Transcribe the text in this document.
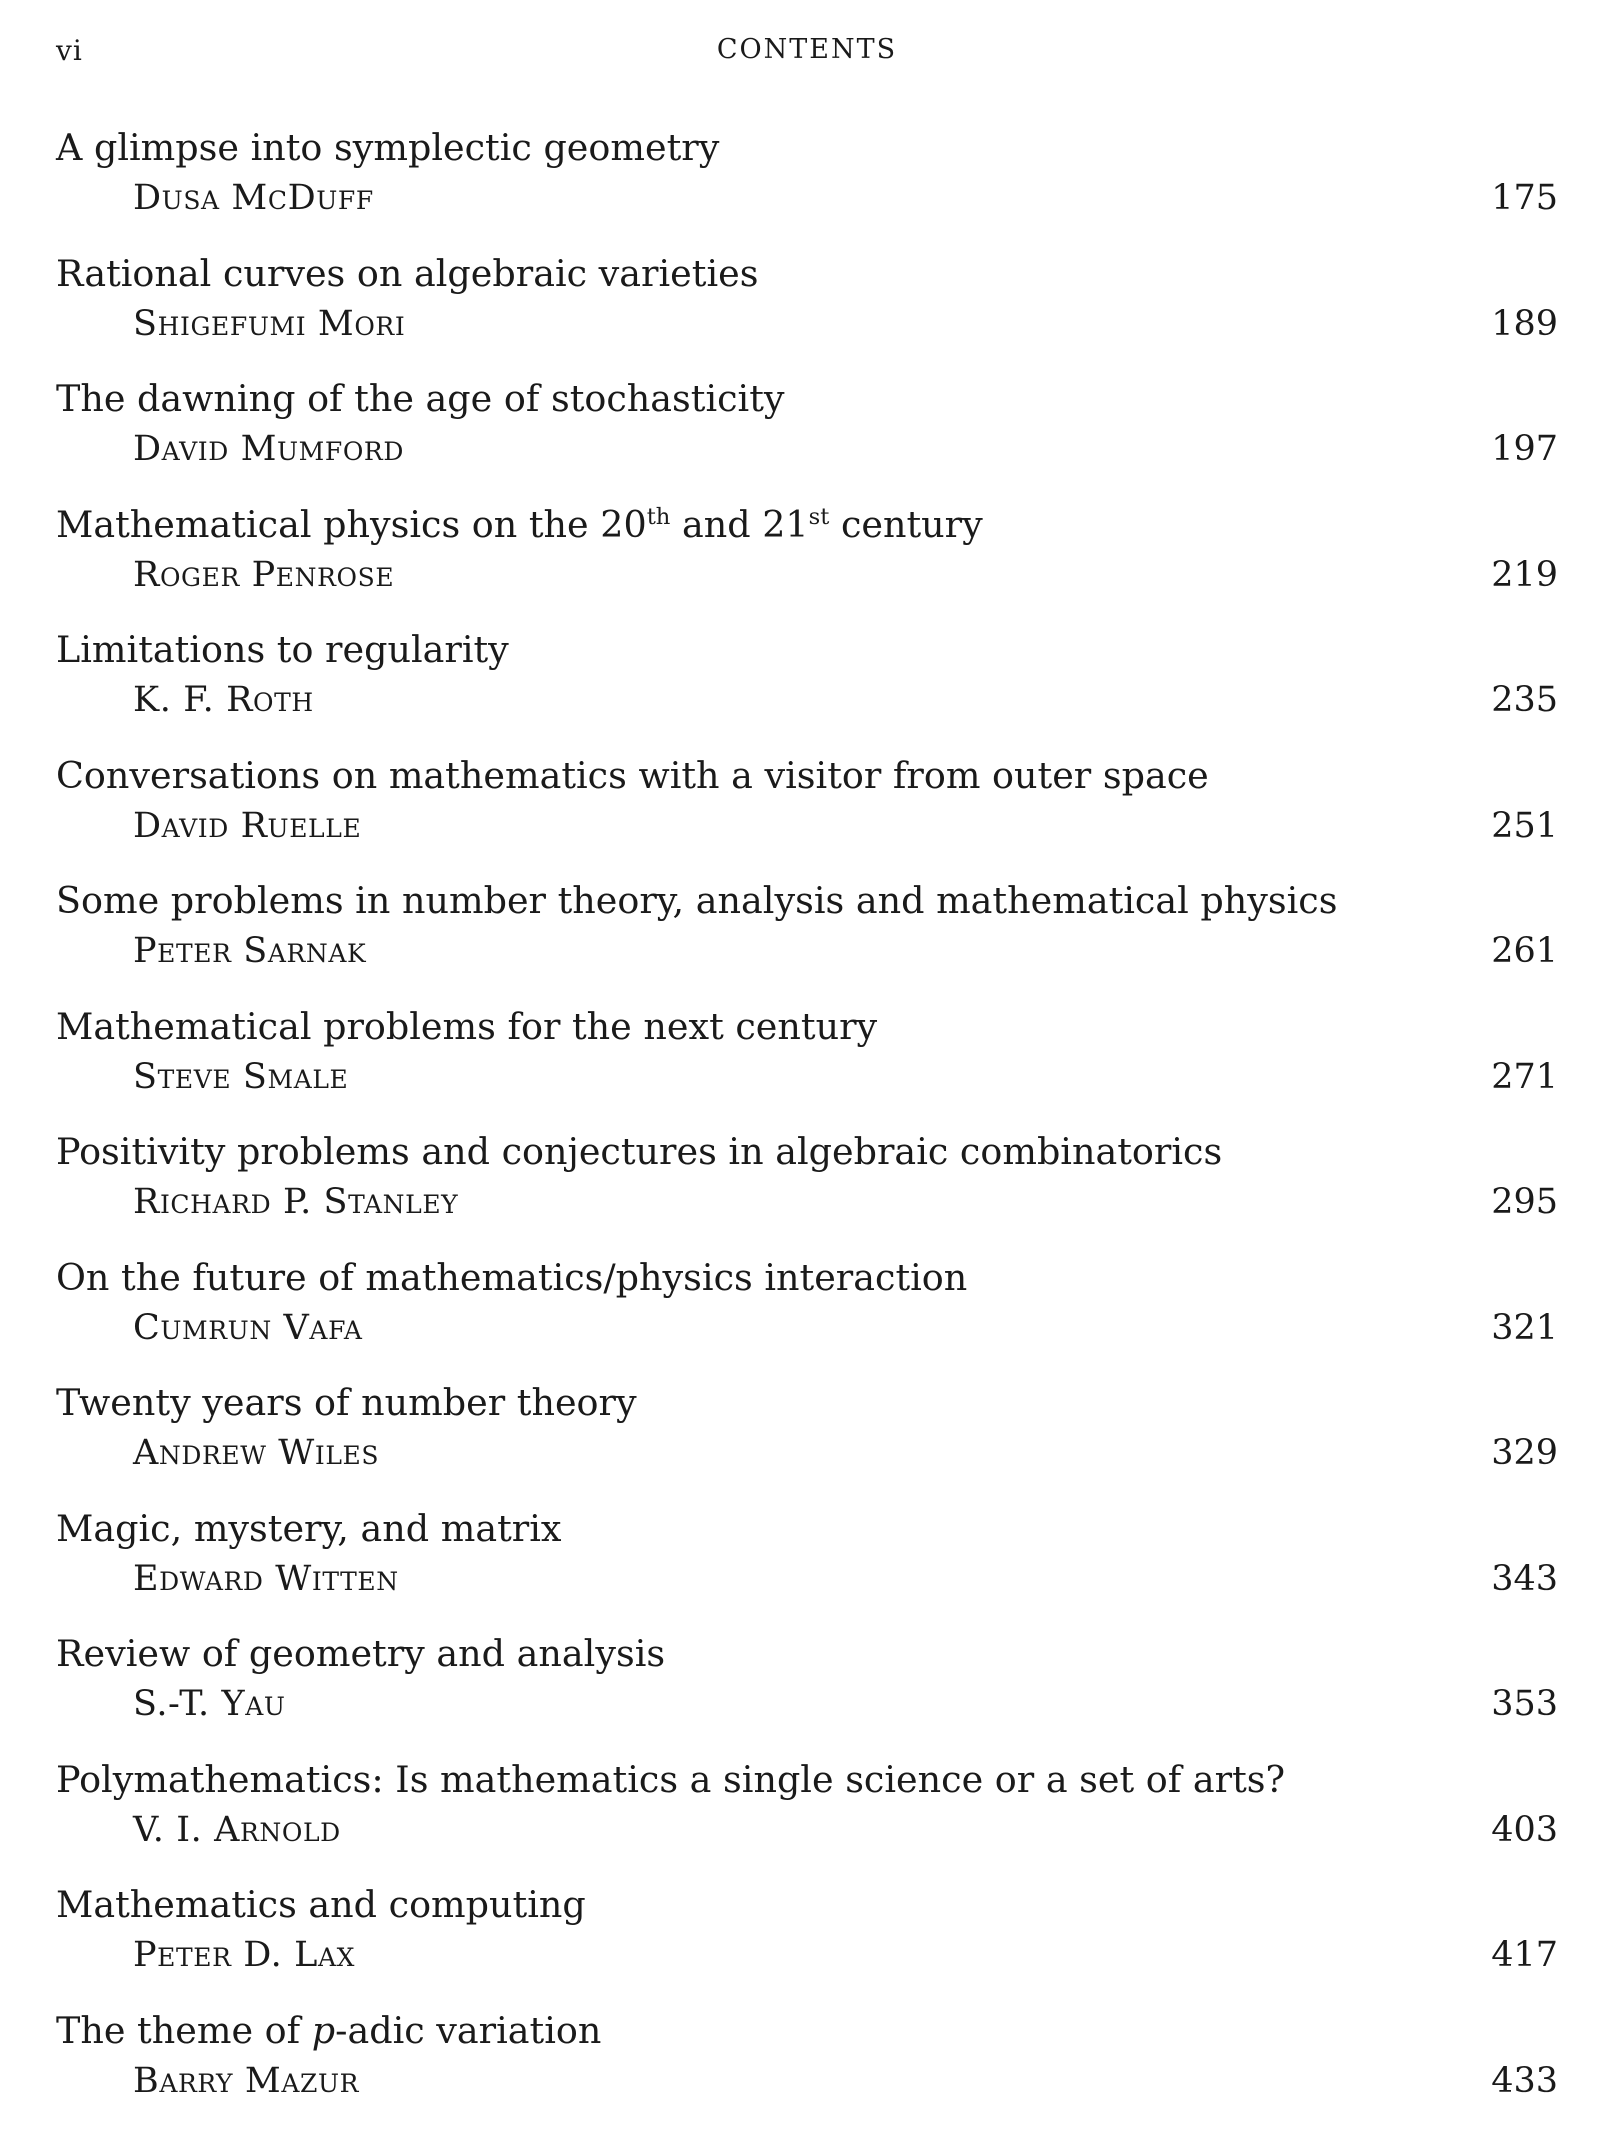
vi	CONTENTS
A glimpse into symplectic geometry
Dusa McDuff	175
Rational curves on algebraic varieties
Shigefumi Mori	189
The dawning of the age of stochasticity
David Mumford	197
Mathematical physics on the 20th and 21st century
Roger Penrose	219
Limitations to regularity
K. F. Roth	235
Conversations on mathematics with a visitor from outer space
David Ruelle	251
Some problems in number theory, analysis and mathematical physics
Peter Sarnak	261
Mathematical problems for the next century
Steve Smale	271
Positivity problems and conjectures in algebraic combinatorics
Richard P. Stanley	295
On the future of mathematics/physics interaction
Cumrun Vafa	321
Twenty years of number theory
Andrew Wiles	329
Magic, mystery, and matrix
Edward Witten	343
Review of geometry and analysis
S.-T. Yau	353
Polymathematics: Is mathematics a single science or a set of arts?
V. I. Arnold	403
Mathematics and computing
Peter D. Lax	417
The theme of p-adic variation
Barry Mazur	433
